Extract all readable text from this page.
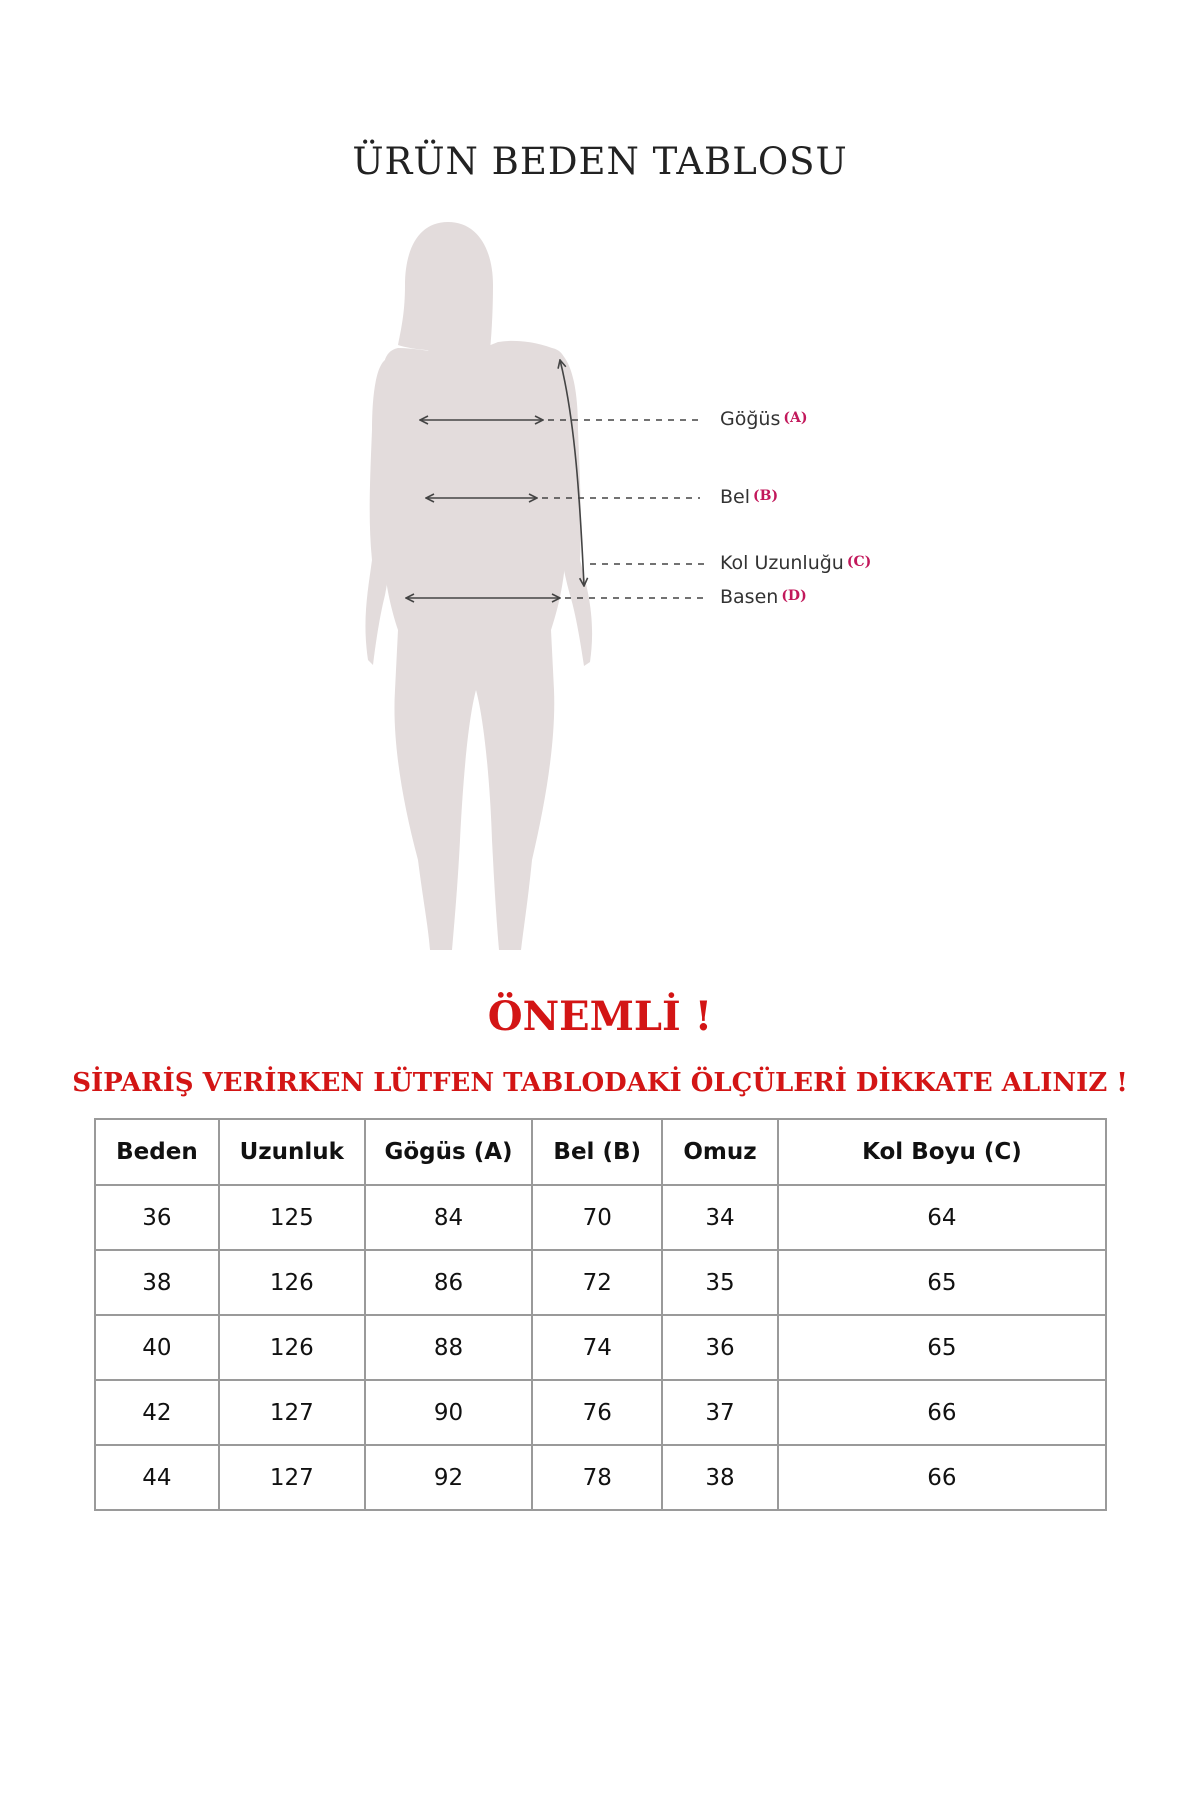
ÜRÜN BEDEN TABLOSU
Göğüs (A)
Bel (B)
Kol Uzunluğu (C)
Basen (D)
ÖNEMLİ !
SİPARİŞ VERİRKEN LÜTFEN TABLODAKİ ÖLÇÜLERİ DİKKATE ALINIZ !
Beden	Uzunluk	Gögüs (A)	Bel (B)	Omuz	Kol Boyu (C)
36	125	84	70	34	64
38	126	86	72	35	65
40	126	88	74	36	65
42	127	90	76	37	66
44	127	92	78	38	66
